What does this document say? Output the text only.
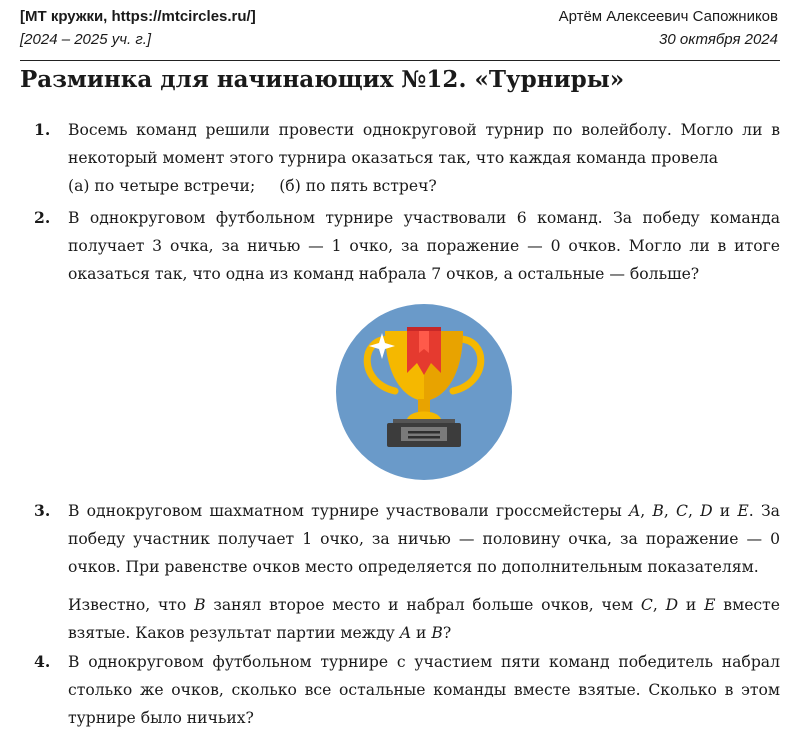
[МТ кружки, https://mtcircles.ru/]	Артём Алексеевич Сапожников
[2024 – 2025 уч. г.]	30 октября 2024
Разминка для начинающих №12. «Турниры»
1. Восемь команд решили провести однокруговой турнир по волейболу. Могло ли в некоторый момент этого турнира оказаться так, что каждая команда провела

(а) по четыре встречи; (б) по пять встреч?

2. В однокруговом футбольном турнире участвовали 6 команд. За победу команда получает 3 очка, за ничью — 1 очко, за поражение — 0 очков. Могло ли в итоге оказаться так, что одна из команд набрала 7 очков, а остальные — больше?

3. В однокруговом шахматном турнире участвовали гроссмейстеры A, B, C, D и E. За победу участник получает 1 очко, за ничью — половину очка, за поражение — 0 очков. При равенстве очков место определяется по дополнительным показателям.

Известно, что B занял второе место и набрал больше очков, чем C, D и E вместе взятые. Каков результат партии между A и B?

4. В однокруговом футбольном турнире с участием пяти команд победитель набрал столько же очков, сколько все остальные команды вместе взятые. Сколько в этом турнире было ничьих?
